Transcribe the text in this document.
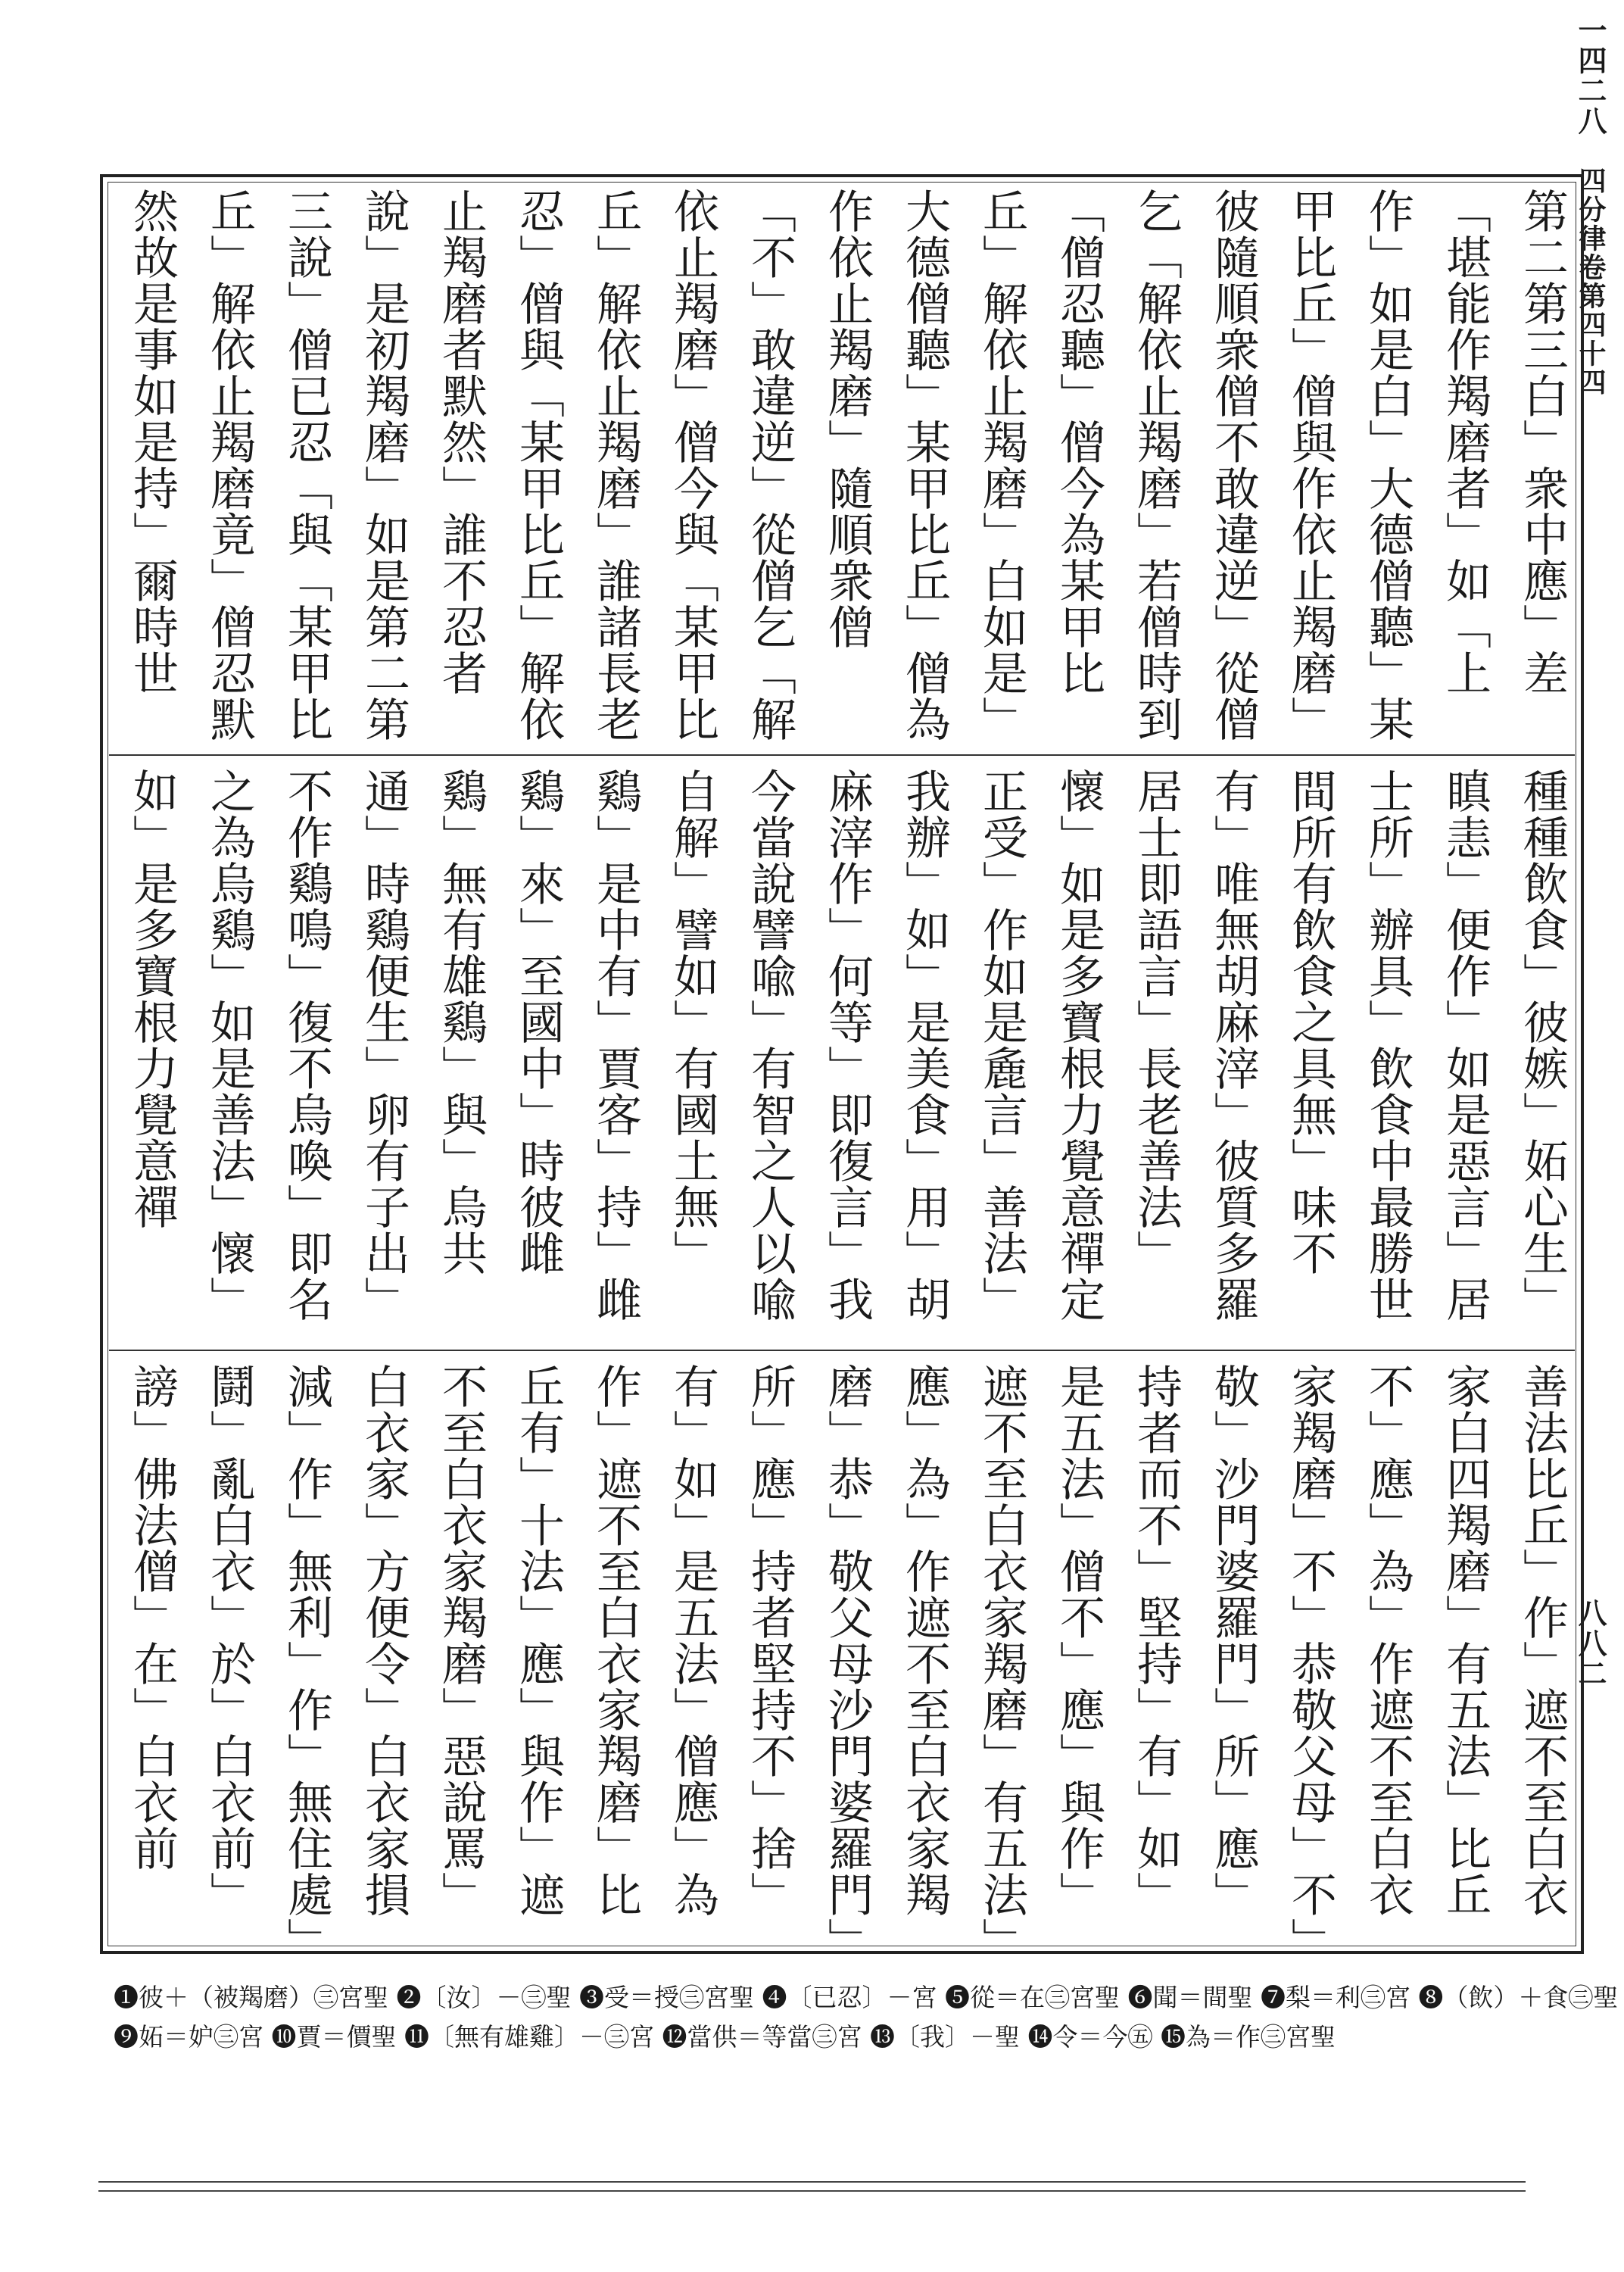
一四二八
四分律卷第四十四
八八二
第二第三白」衆中應」差「堪能作羯磨者」如「上作」如是白」大德僧聽」某甲比丘」僧與作依止羯磨」彼隨順衆僧不敢違逆」從僧乞「解依止羯磨」若僧時到「僧忍聽」僧今為某甲比丘」解依止羯磨」白如是」大德僧聽」某甲比丘」僧為作依止羯磨」隨順衆僧「不」敢違逆」從僧乞「解依止羯磨」僧今與「某甲比丘」解依止羯磨」誰諸長老忍」僧與「某甲比丘」解依止羯磨者默然」誰不忍者說」是初羯磨」如是第二第三說」僧已忍「與「某甲比丘」解依止羯磨竟」僧忍默然故是事如是持」爾時世
種種飲食」彼嫉」妬心生」瞋恚」便作」如是惡言」居士所」辦具」飲食中最勝世間所有飲食之具無」味不有」唯無胡麻滓」彼質多羅居士即語言」長老善法」懷」如是多寶根力覺意禪定正受」作如是麁言」善法」我辦」如」是美食」用」胡麻滓作」何等」即復言」我今當說譬喩」有智之人以喩自解」譬如」有國土無」鷄」是中有」賈客」持」雌鷄」來」至國中」時彼雌鷄」無有雄鷄」與」烏共通」時鷄便生」卵有子出」不作鷄鳴」復不烏喚」即名之為烏鷄」如是善法」懷」如」是多寶根力覺意禪
善法比丘」作」遮不至白衣家白四羯磨」有五法」比丘不」應」為」作遮不至白衣家羯磨」不」恭敬父母」不」敬」沙門婆羅門」所」應」持者而不」堅持」有」如」是五法」僧不」應」與作」遮不至白衣家羯磨」有五法」應」為」作遮不至白衣家羯磨」恭」敬父母沙門婆羅門」所」應」持者堅持不」捨」有」如」是五法」僧應」為作」遮不至白衣家羯磨」比丘有」十法」應」與作」遮不至白衣家羯磨」惡說罵」白衣家」方便令」白衣家損減」作」無利」作」無住處」鬪」亂白衣」於」白衣前」謗」佛法僧」在」白衣前
❶彼＋（被羯磨）㊂宮聖 ❷〔汝〕－㊂聖 ❸受＝授㊂宮聖 ❹〔已忍〕－宮 ❺從＝在㊂宮聖 ❻聞＝間聖 ❼梨＝利㊂宮 ❽（飲）＋食㊂聖
❾妬＝妒㊂宮 ❿賈＝價聖 ⓫〔無有雄雞〕－㊂宮 ⓬當供＝等當㊂宮 ⓭〔我〕－聖 ⓮令＝今㊄ ⓯為＝作㊂宮聖
